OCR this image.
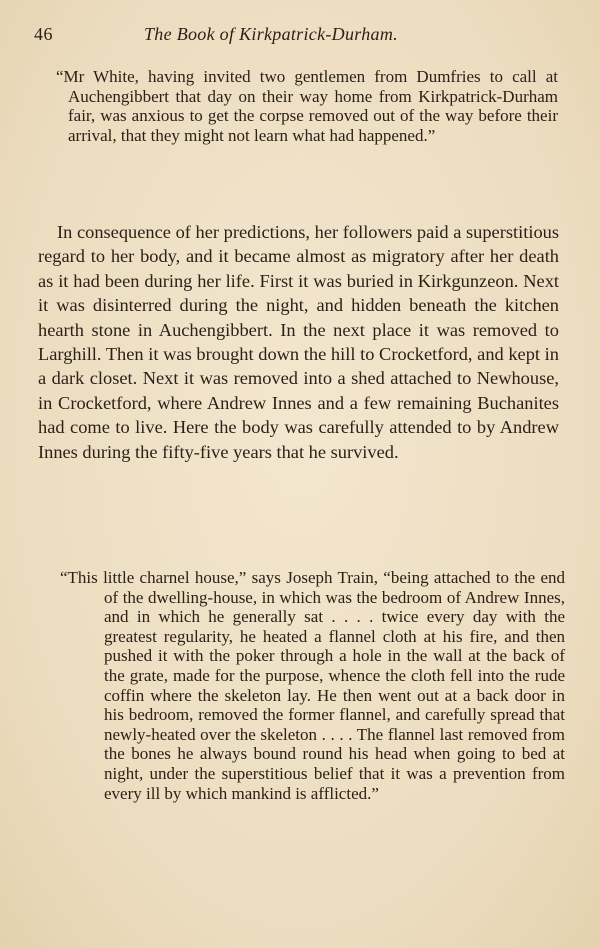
46	The Book of Kirkpatrick-Durham.

“Mr White, having invited two gentlemen from Dumfries to call at Auchengibbert that day on their way home from Kirkpatrick-Durham fair, was anxious to get the corpse removed out of the way before their arrival, that they might not learn what had happened.”

In consequence of her predictions, her followers paid a superstitious regard to her body, and it became almost as migratory after her death as it had been during her life. First it was buried in Kirkgunzeon. Next it was disinterred during the night, and hidden beneath the kitchen hearth stone in Auchengibbert. In the next place it was removed to Larghill. Then it was brought down the hill to Crocketford, and kept in a dark closet. Next it was removed into a shed attached to Newhouse, in Crocketford, where Andrew Innes and a few remaining Buchanites had come to live. Here the body was carefully attended to by Andrew Innes during the fifty-five years that he survived.

“This little charnel house,” says Joseph Train, “being attached to the end of the dwelling-house, in which was the bedroom of Andrew Innes, and in which he generally sat . . . . twice every day with the greatest regularity, he heated a flannel cloth at his fire, and then pushed it with the poker through a hole in the wall at the back of the grate, made for the purpose, whence the cloth fell into the rude coffin where the skeleton lay. He then went out at a back door in his bedroom, removed the former flannel, and carefully spread that newly-heated over the skeleton . . . . The flannel last removed from the bones he always bound round his head when going to bed at night, under the superstitious belief that it was a prevention from every ill by which mankind is afflicted.”
